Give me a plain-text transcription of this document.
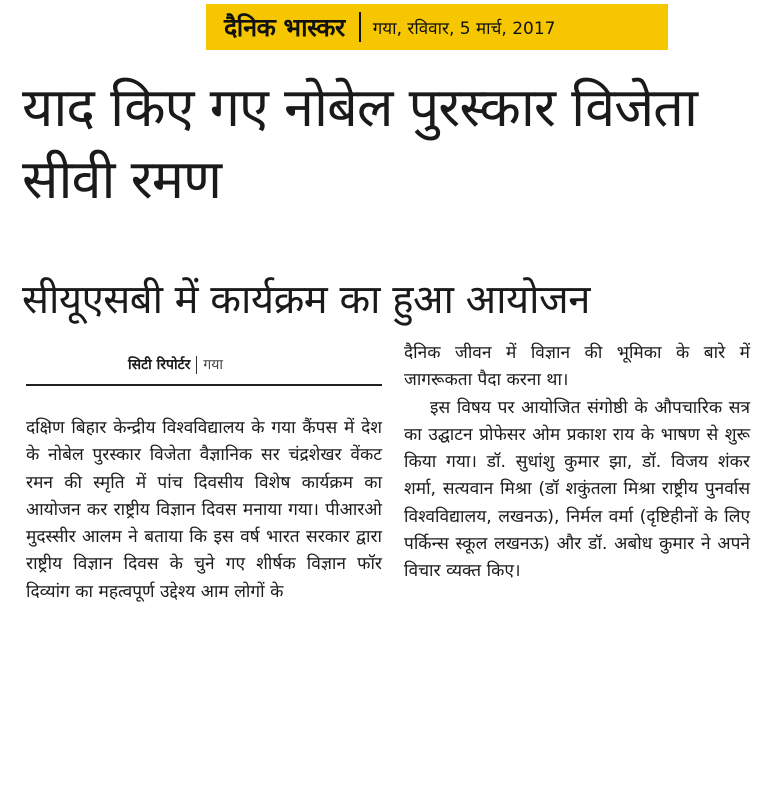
दैनिक भास्कर गया, रविवार, 5 मार्च, 2017
याद किए गए नोबेल पुरस्कार विजेता सीवी रमण
सीयूएसबी में कार्यक्रम का हुआ आयोजन
सिटी रिपोर्टर गया

दक्षिण बिहार केन्द्रीय विश्वविद्यालय के गया कैंपस में देश के नोबेल पुरस्कार विजेता वैज्ञानिक सर चंद्रशेखर वेंकट रमन की स्मृति में पांच दिवसीय विशेष कार्यक्रम का आयोजन कर राष्ट्रीय विज्ञान दिवस मनाया गया। पीआरओ मुदस्सीर आलम ने बताया कि इस वर्ष भारत सरकार द्वारा राष्ट्रीय विज्ञान दिवस के चुने गए शीर्षक विज्ञान फॉर दिव्यांग का महत्वपूर्ण उद्देश्य आम लोगों के

दैनिक जीवन में विज्ञान की भूमिका के बारे में जागरूकता पैदा करना था।

इस विषय पर आयोजित संगोष्ठी के औपचारिक सत्र का उद्घाटन प्रोफेसर ओम प्रकाश राय के भाषण से शुरू किया गया। डॉ. सुधांशु कुमार झा, डॉ. विजय शंकर शर्मा, सत्यवान मिश्रा (डॉ शकुंतला मिश्रा राष्ट्रीय पुनर्वास विश्वविद्यालय, लखनऊ), निर्मल वर्मा (दृष्टिहीनों के लिए पर्किन्स स्कूल लखनऊ) और डॉ. अबोध कुमार ने अपने विचार व्यक्त किए।
